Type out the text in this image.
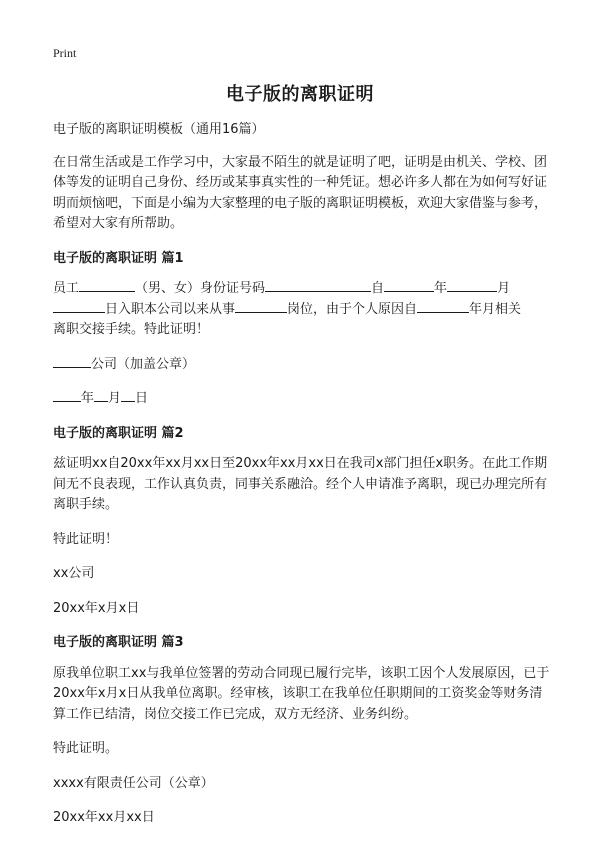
Print
电子版的离职证明
电子版的离职证明模板（通用16篇）
在日常生活或是工作学习中，大家最不陌生的就是证明了吧，证明是由机关、学校、团体等发的证明自己身份、经历或某事真实性的一种凭证。想必许多人都在为如何写好证明而烦恼吧，下面是小编为大家整理的电子版的离职证明模板，欢迎大家借鉴与参考，希望对大家有所帮助。
电子版的离职证明 篇1
员工	（男、女）身份证号码	自	年	月
日入职本公司以来从事	岗位，由于个人原因自	年月相关
离职交接手续。特此证明！
公司（加盖公章）
年 月 日
电子版的离职证明 篇2
兹证明xx自20xx年xx月xx日至20xx年xx月xx日在我司x部门担任x职务。在此工作期间无不良表现，工作认真负责，同事关系融洽。经个人申请准予离职，现已办理完所有离职手续。
特此证明！
xx公司
20xx年x月x日
电子版的离职证明 篇3
原我单位职工xx与我单位签署的劳动合同现已履行完毕，该职工因个人发展原因，已于20xx年x月x日从我单位离职。经审核，该职工在我单位任职期间的工资奖金等财务清算工作已结清，岗位交接工作已完成，双方无经济、业务纠纷。
特此证明。
xxxx有限责任公司（公章）
20xx年xx月xx日
